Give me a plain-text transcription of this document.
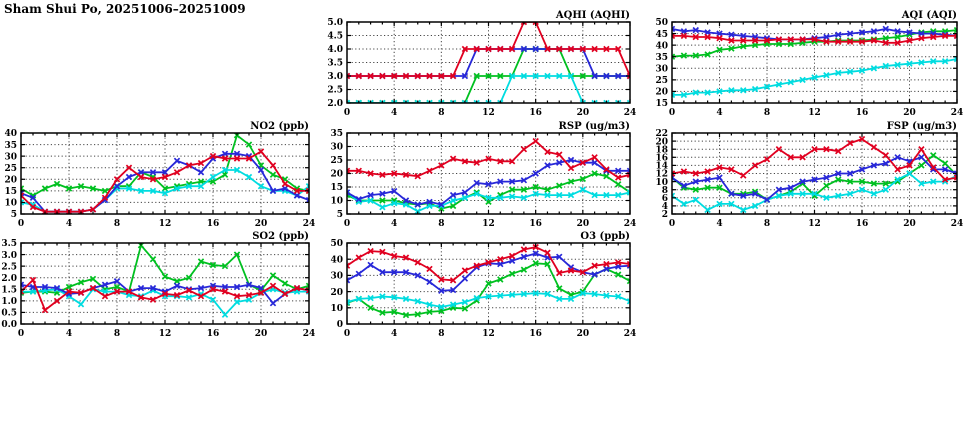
Sham Shui Po, 20251006–20251009
2.0
2.5
3.0
3.5
4.0
4.5
5.0
0	4	8	12	16	20	24
AQHI (AQHI)
15
20
25
30
35
40
45
50
0	4	8	12	16	20	24
AQI (AQI)
5
10
15
20
25
30
35
40
0	4	8	12	16	20	24
NO2 (ppb)
5
10
15
20
25
30
35
0	4	8	12	16	20	24
RSP (ug/m3)
2
4
6
8
10
12
14
16
18
20
22
0	4	8	12	16	20	24
FSP (ug/m3)
0.0
0.5
1.0
1.5
2.0
2.5
3.0
3.5
0	4	8	12	16	20	24
SO2 (ppb)
0
10
20
30
40
50
0	4	8	12	16	20	24
O3 (ppb)
